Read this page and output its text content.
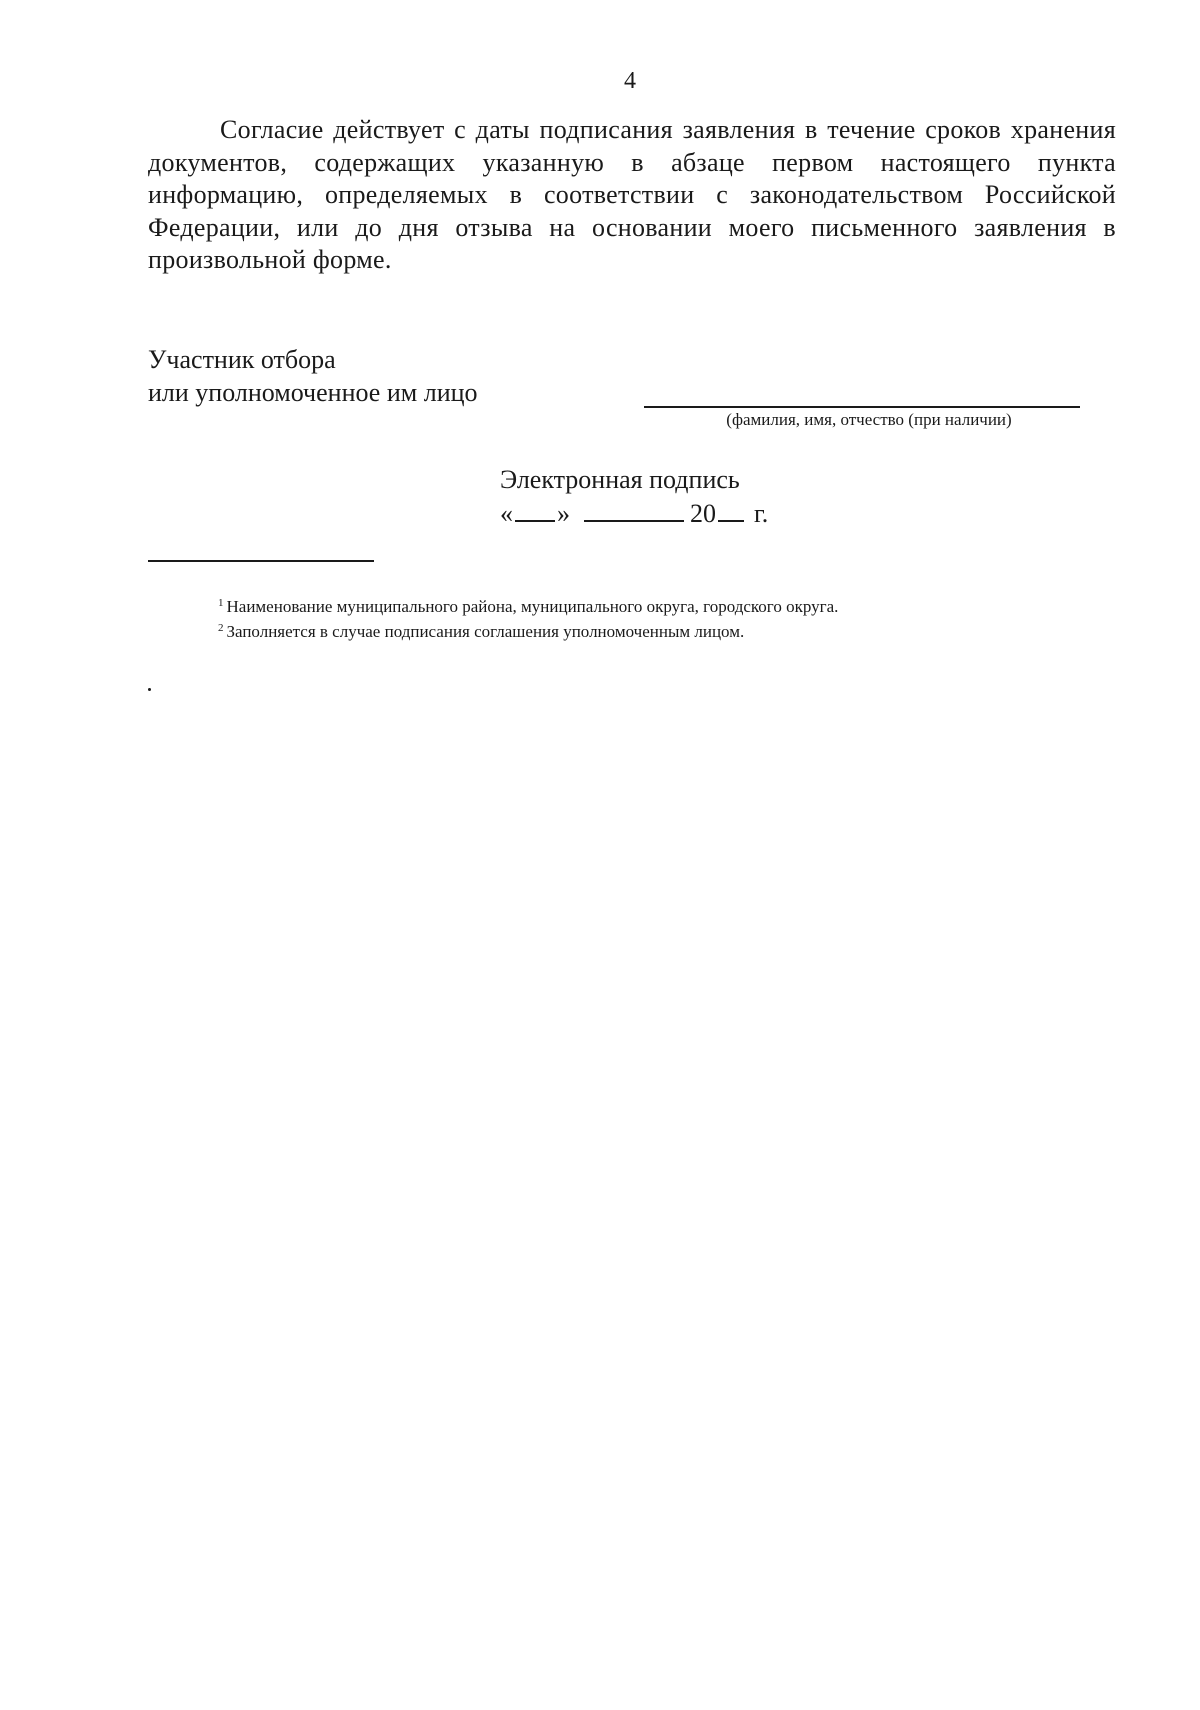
4

Согласие действует с даты подписания заявления в течение сроков хранения документов, содержащих указанную в абзаце первом настоящего пункта информацию, определяемых в соответствии с законодательством Российской Федерации, или до дня отзыва на основании моего письменного заявления в произвольной форме.

Участник отбора
или уполномоченное им лицо
(фамилия, имя, отчество (при наличии)
Электронная подпись
« »	20 г.
$^1$ Наименование муниципального района, муниципального округа, городского округа.
$^2$ Заполняется в случае подписания соглашения уполномоченным лицом.
